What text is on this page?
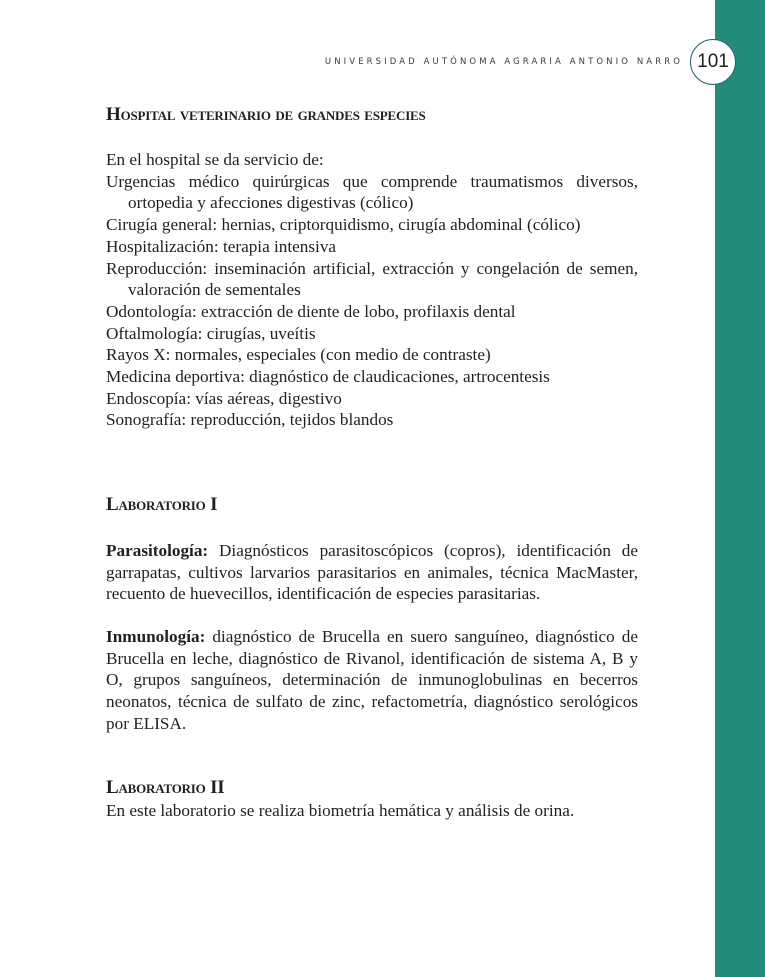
UNIVERSIDAD AUTÓNOMA AGRARIA ANTONIO NARRO 101
Hospital veterinario de grandes especies
En el hospital se da servicio de:
Urgencias médico quirúrgicas que comprende traumatismos diversos, ortopedia y afecciones digestivas (cólico)
Cirugía general: hernias, criptorquidismo, cirugía abdominal (cólico)
Hospitalización: terapia intensiva
Reproducción: inseminación artificial, extracción y congelación de semen, valoración de sementales
Odontología: extracción de diente de lobo, profilaxis dental
Oftalmología: cirugías, uveítis
Rayos X: normales, especiales (con medio de contraste)
Medicina deportiva: diagnóstico de claudicaciones, artrocentesis
Endoscopía: vías aéreas, digestivo
Sonografía: reproducción, tejidos blandos
Laboratorio I

Parasitología: Diagnósticos parasitoscópicos (copros), identificación de garrapatas, cultivos larvarios parasitarios en animales, técnica MacMaster, recuento de huevecillos, identificación de especies parasitarias.

Inmunología: diagnóstico de Brucella en suero sanguíneo, diagnóstico de Brucella en leche, diagnóstico de Rivanol, identificación de sistema A, B y O, grupos sanguíneos, determinación de inmunoglobulinas en becerros neonatos, técnica de sulfato de zinc, refactometría, diagnóstico serológicos por ELISA.

Laboratorio II

En este laboratorio se realiza biometría hemática y análisis de orina.
